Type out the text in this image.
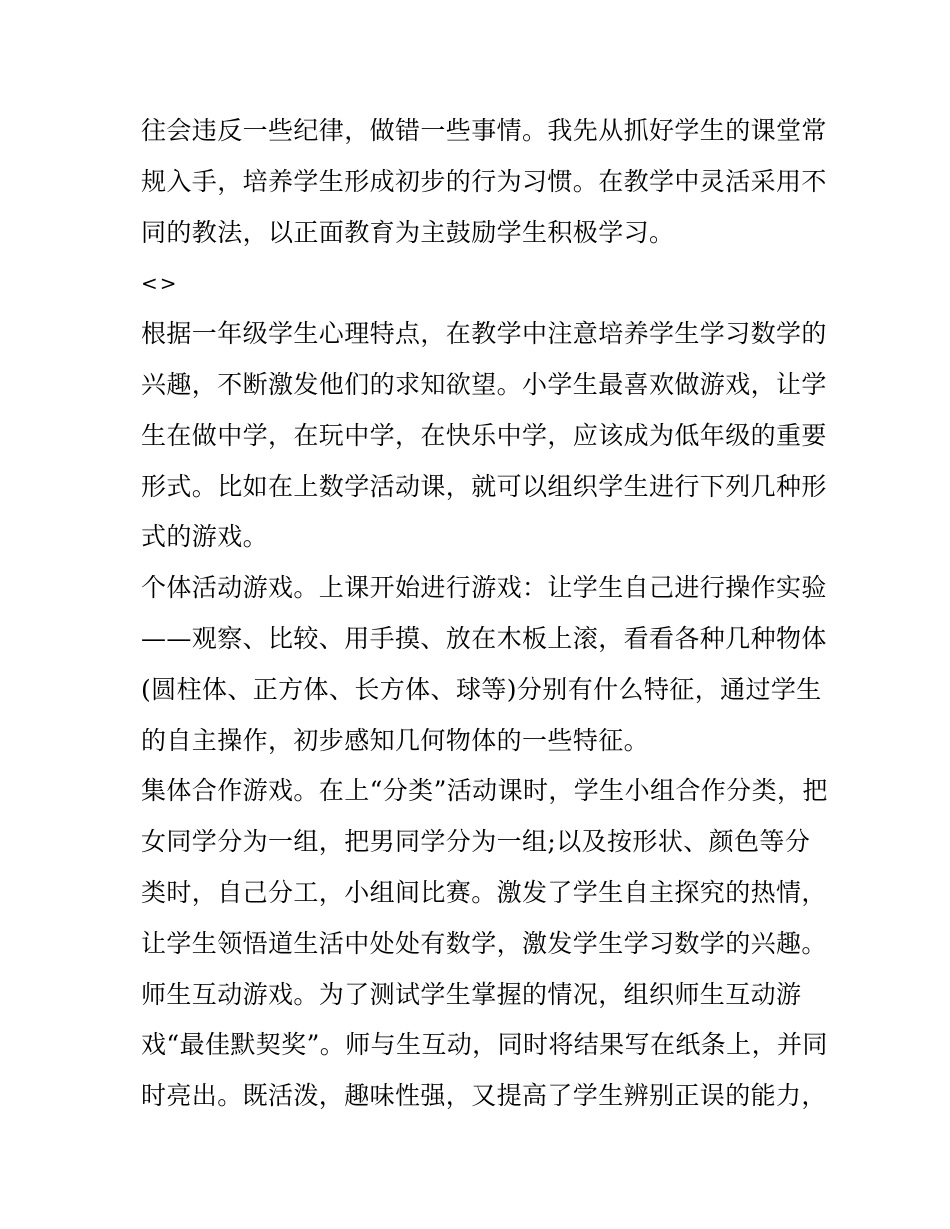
往会违反一些纪律，做错一些事情。我先从抓好学生的课堂常
规入手，培养学生形成初步的行为习惯。在教学中灵活采用不
同的教法，以正面教育为主鼓励学生积极学习。
<>
根据一年级学生心理特点，在教学中注意培养学生学习数学的
兴趣，不断激发他们的求知欲望。小学生最喜欢做游戏，让学
生在做中学，在玩中学，在快乐中学，应该成为低年级的重要
形式。比如在上数学活动课，就可以组织学生进行下列几种形
式的游戏。
个体活动游戏。上课开始进行游戏：让学生自己进行操作实验
——观察、比较、用手摸、放在木板上滚，看看各种几种物体
(圆柱体、正方体、长方体、球等)分别有什么特征，通过学生
的自主操作，初步感知几何物体的一些特征。
集体合作游戏。在上“分类”活动课时，学生小组合作分类，把
女同学分为一组，把男同学分为一组;以及按形状、颜色等分
类时，自己分工，小组间比赛。激发了学生自主探究的热情，
让学生领悟道生活中处处有数学，激发学生学习数学的兴趣。
师生互动游戏。为了测试学生掌握的情况，组织师生互动游
戏“最佳默契奖”。师与生互动，同时将结果写在纸条上，并同
时亮出。既活泼，趣味性强，又提高了学生辨别正误的能力，
